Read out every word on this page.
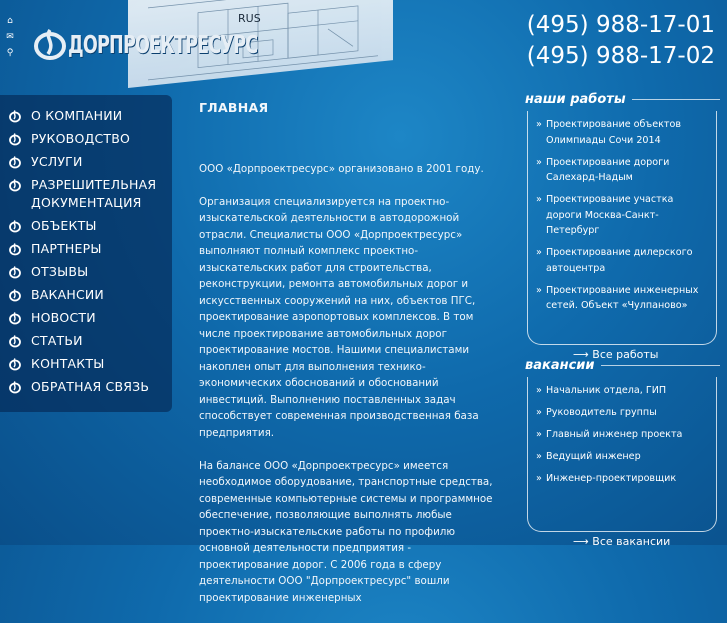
RUS
⌂
✉
⚲ ДОРПРОЕКТРЕСУРС
(495) 988-17-01
(495) 988-17-02
О КОМПАНИИ
РУКОВОДСТВО
УСЛУГИ
РАЗРЕШИТЕЛЬНАЯ ДОКУМЕНТАЦИЯ
ОБЪЕКТЫ
ПАРТНЕРЫ
ОТЗЫВЫ
ВАКАНСИИ
НОВОСТИ
СТАТЬИ
КОНТАКТЫ
ОБРАТНАЯ СВЯЗЬ
ГЛАВНАЯ

ООО «Дорпроектресурс» организовано в 2001 году.

Организация специализируется на проектно-изыскательской деятельности в автодорожной отрасли. Специалисты ООО «Дорпроектресурс» выполняют полный комплекс проектно-изыскательских работ для строительства, реконструкции, ремонта автомобильных дорог и искусственных сооружений на них, объектов ПГС, проектирование аэропортовых комплексов. В том числе проектирование автомобильных дорог проектирование мостов. Нашими специалистами накоплен опыт для выполнения технико-экономических обоснований и обоснований инвестиций. Выполнению поставленных задач способствует современная производственная база предприятия.

На балансе ООО «Дорпроектресурс» имеется необходимое оборудование, транспортные средства, современные компьютерные системы и программное обеспечение, позволяющие выполнять любые проектно-изыскательские работы по профилю основной деятельности предприятия - проектирование дорог. С 2006 года в сферу деятельности ООО "Дорпроектресурс" вошли проектирование инженерных

наши работы
» Проектирование объектов Олимпиады Сочи 2014
» Проектирование дороги Салехард-Надым
» Проектирование участка дороги Москва-Санкт-Петербург
» Проектирование дилерского автоцентра
» Проектирование инженерных сетей. Объект «Чулпаново»
⟶ Все работы
вакансии
» Начальник отдела, ГИП
» Руководитель группы
» Главный инженер проекта
» Ведущий инженер
» Инженер-проектировщик
⟶ Все вакансии
